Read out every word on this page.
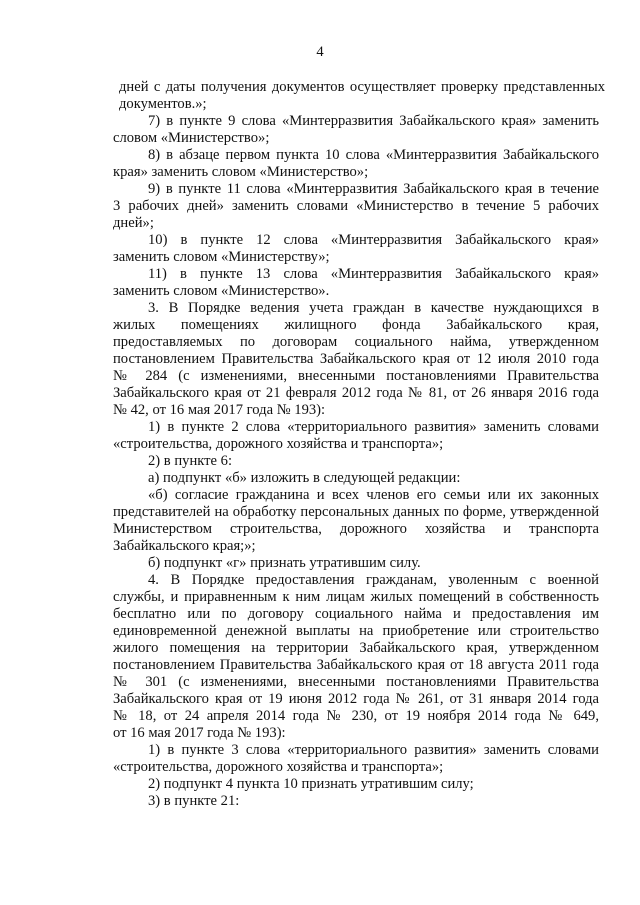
4
дней с даты получения документов осуществляет проверку представленных
документов.»;
7) в пункте 9 слова «Минтерразвития Забайкальского края» заменить
словом «Министерство»;
8) в абзаце первом пункта 10 слова «Минтерразвития Забайкальского
края» заменить словом «Министерство»;
9) в пункте 11 слова «Минтерразвития Забайкальского края в течение
3 рабочих дней» заменить словами «Министерство в течение 5 рабочих
дней»;
10) в пункте 12 слова «Минтерразвития Забайкальского края»
заменить словом «Министерству»;
11) в пункте 13 слова «Минтерразвития Забайкальского края»
заменить словом «Министерство».
3. В Порядке ведения учета граждан в качестве нуждающихся в
жилых помещениях жилищного фонда Забайкальского края,
предоставляемых по договорам социального найма, утвержденном
постановлением Правительства Забайкальского края от 12 июля 2010 года
№ 284 (с изменениями, внесенными постановлениями Правительства
Забайкальского края от 21 февраля 2012 года № 81, от 26 января 2016 года
№ 42, от 16 мая 2017 года № 193):
1) в пункте 2 слова «территориального развития» заменить словами
«строительства, дорожного хозяйства и транспорта»;
2) в пункте 6:
а) подпункт «б» изложить в следующей редакции:
«б) согласие гражданина и всех членов его семьи или их законных
представителей на обработку персональных данных по форме, утвержденной
Министерством строительства, дорожного хозяйства и транспорта
Забайкальского края;»;
б) подпункт «г» признать утратившим силу.
4. В Порядке предоставления гражданам, уволенным с военной
службы, и приравненным к ним лицам жилых помещений в собственность
бесплатно или по договору социального найма и предоставления им
единовременной денежной выплаты на приобретение или строительство
жилого помещения на территории Забайкальского края, утвержденном
постановлением Правительства Забайкальского края от 18 августа 2011 года
№ 301 (с изменениями, внесенными постановлениями Правительства
Забайкальского края от 19 июня 2012 года № 261, от 31 января 2014 года
№ 18, от 24 апреля 2014 года № 230, от 19 ноября 2014 года № 649,
от 16 мая 2017 года № 193):
1) в пункте 3 слова «территориального развития» заменить словами
«строительства, дорожного хозяйства и транспорта»;
2) подпункт 4 пункта 10 признать утратившим силу;
3) в пункте 21:
